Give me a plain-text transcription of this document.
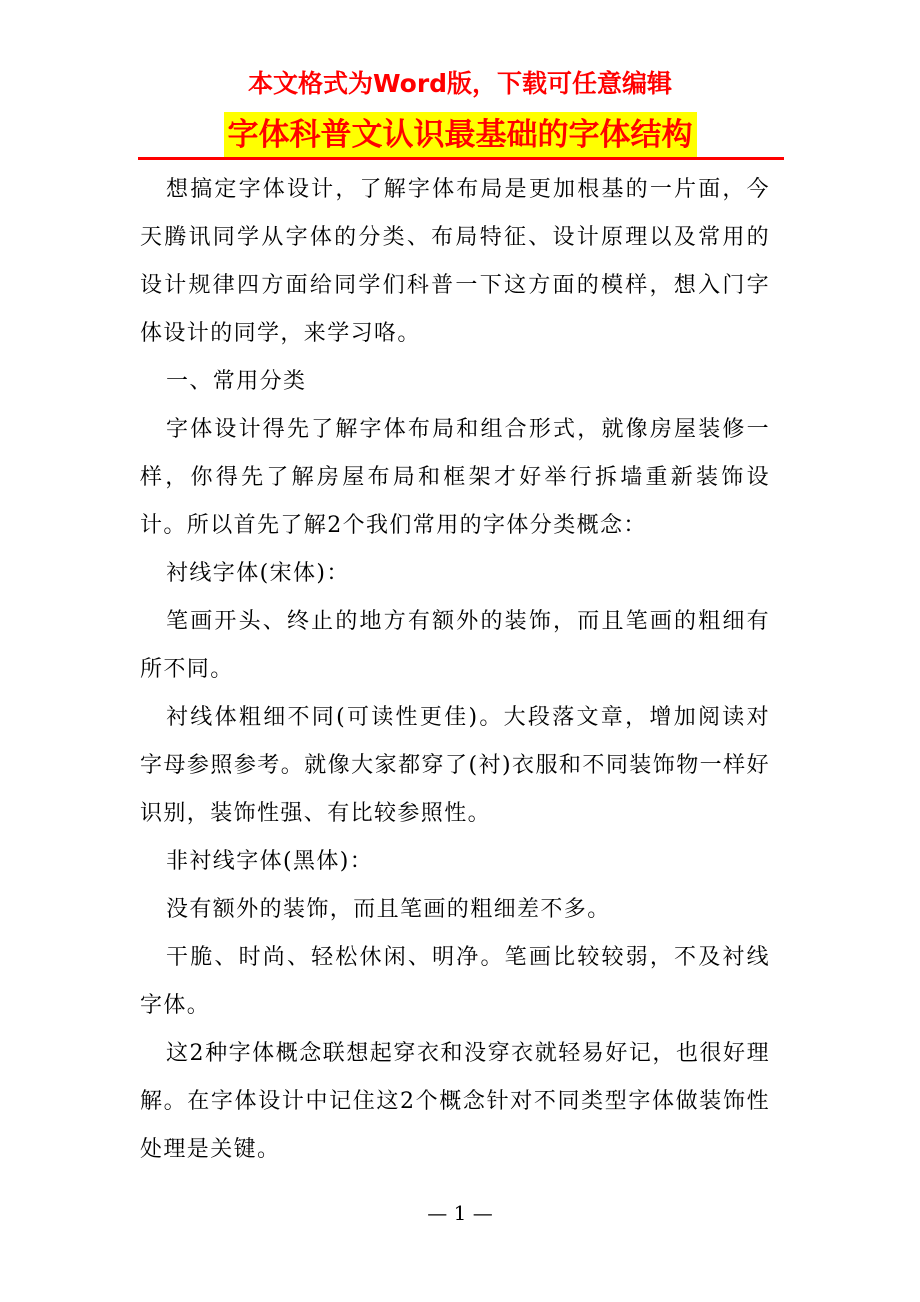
本文格式为Word版，下载可任意编辑
字体科普文认识最基础的字体结构

想搞定字体设计，了解字体布局是更加根基的一片面，今天腾讯同学从字体的分类、布局特征、设计原理以及常用的设计规律四方面给同学们科普一下这方面的模样，想入门字体设计的同学，来学习咯。

一、常用分类

字体设计得先了解字体布局和组合形式，就像房屋装修一样，你得先了解房屋布局和框架才好举行拆墙重新装饰设计。所以首先了解2个我们常用的字体分类概念：

衬线字体(宋体)：

笔画开头、终止的地方有额外的装饰，而且笔画的粗细有所不同。

衬线体粗细不同(可读性更佳)。大段落文章，增加阅读对字母参照参考。就像大家都穿了(衬)衣服和不同装饰物一样好识别，装饰性强、有比较参照性。

非衬线字体(黑体)：

没有额外的装饰，而且笔画的粗细差不多。

干脆、时尚、轻松休闲、明净。笔画比较较弱，不及衬线字体。

这2种字体概念联想起穿衣和没穿衣就轻易好记，也很好理解。在字体设计中记住这2个概念针对不同类型字体做装饰性处理是关键。

— 1 —
